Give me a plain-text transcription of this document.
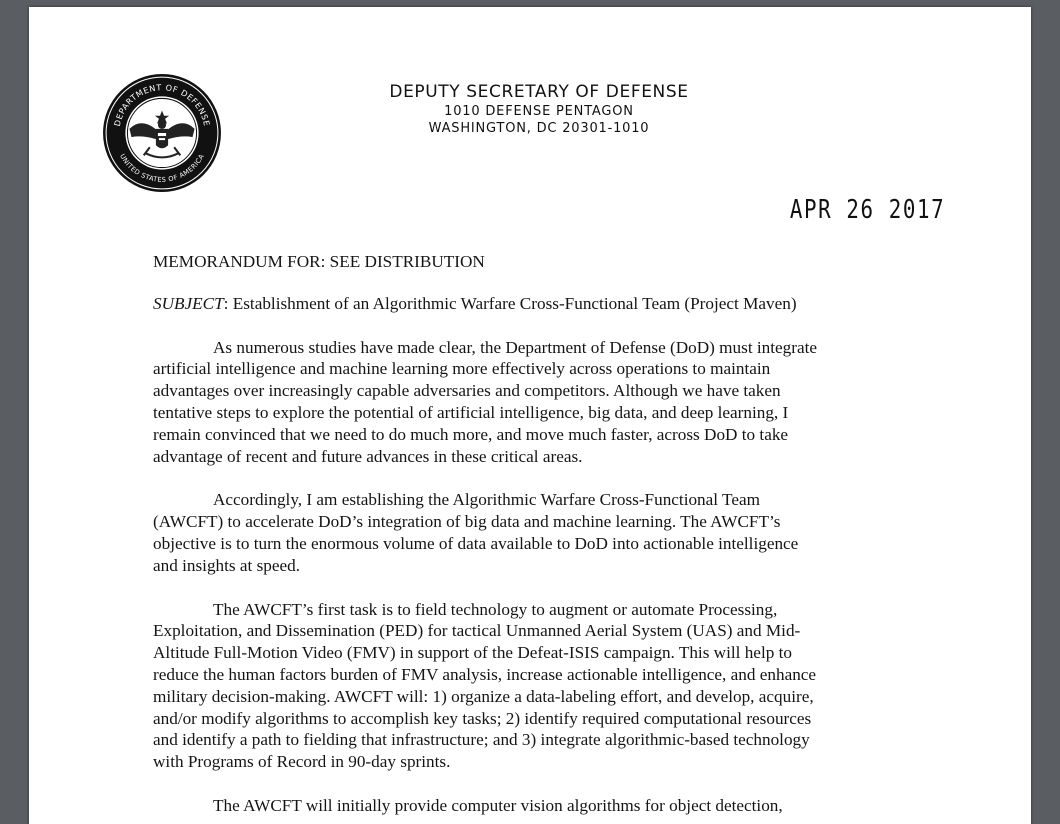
DEPARTMENT OF DEFENSE
UNITED STATES OF AMERICA
DEPUTY SECRETARY OF DEFENSE
1010 DEFENSE PENTAGON
WASHINGTON, DC 20301-1010
APR 26 2017
MEMORANDUM FOR: SEE DISTRIBUTION
SUBJECT: Establishment of an Algorithmic Warfare Cross-Functional Team (Project Maven)
As numerous studies have made clear, the Department of Defense (DoD) must integrate
artificial intelligence and machine learning more effectively across operations to maintain
advantages over increasingly capable adversaries and competitors. Although we have taken
tentative steps to explore the potential of artificial intelligence, big data, and deep learning, I
remain convinced that we need to do much more, and move much faster, across DoD to take
advantage of recent and future advances in these critical areas.
Accordingly, I am establishing the Algorithmic Warfare Cross-Functional Team
(AWCFT) to accelerate DoD’s integration of big data and machine learning. The AWCFT’s
objective is to turn the enormous volume of data available to DoD into actionable intelligence
and insights at speed.
The AWCFT’s first task is to field technology to augment or automate Processing,
Exploitation, and Dissemination (PED) for tactical Unmanned Aerial System (UAS) and Mid-
Altitude Full-Motion Video (FMV) in support of the Defeat-ISIS campaign. This will help to
reduce the human factors burden of FMV analysis, increase actionable intelligence, and enhance
military decision-making. AWCFT will: 1) organize a data-labeling effort, and develop, acquire,
and/or modify algorithms to accomplish key tasks; 2) identify required computational resources
and identify a path to fielding that infrastructure; and 3) integrate algorithmic-based technology
with Programs of Record in 90-day sprints.
The AWCFT will initially provide computer vision algorithms for object detection,
